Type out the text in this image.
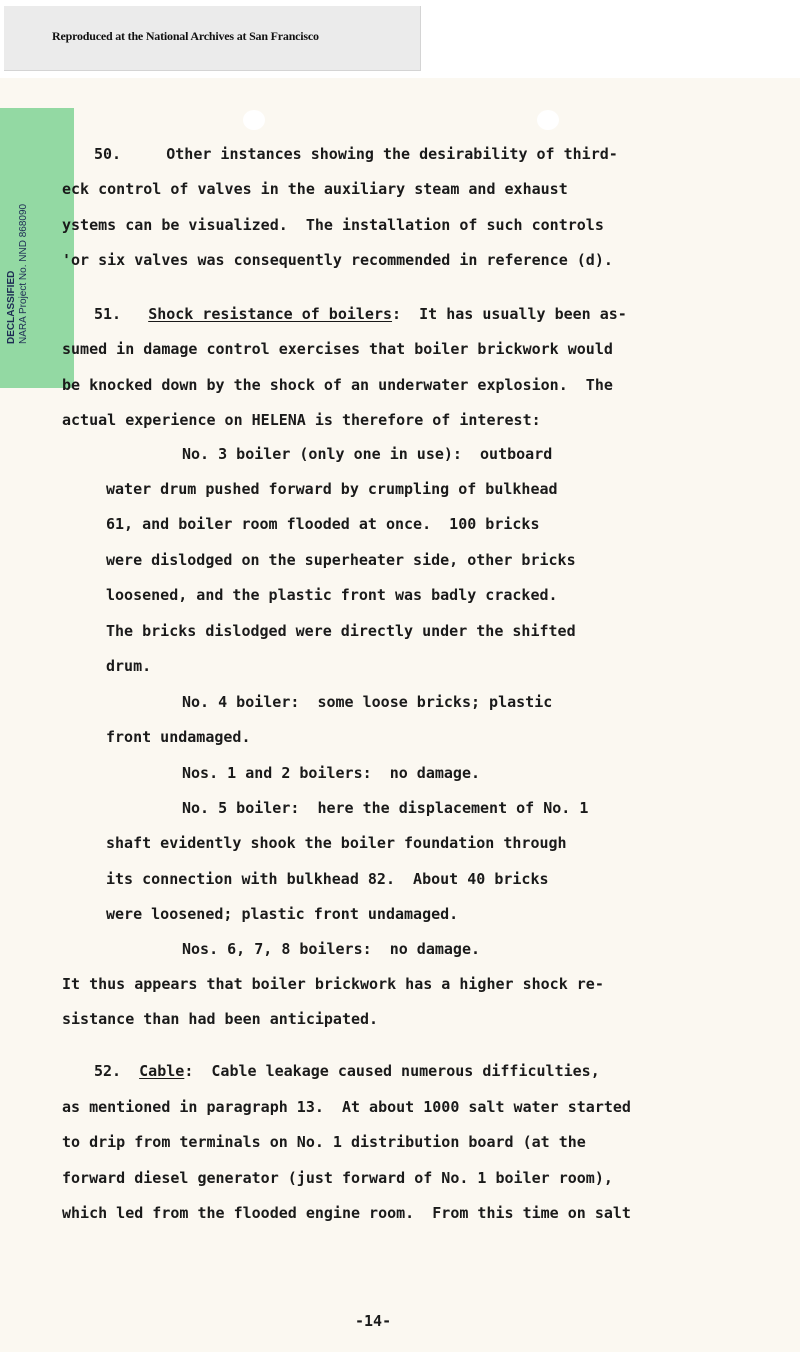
Reproduced at the National Archives at San Francisco
DECLASSIFIED NARA Project No. NND 868090
50.     Other instances showing the desirability of third-
eck control of valves in the auxiliary steam and exhaust
ystems can be visualized.  The installation of such controls
'or six valves was consequently recommended in reference (d).
51. Shock resistance of boilers:  It has usually been as-
sumed in damage control exercises that boiler brickwork would
be knocked down by the shock of an underwater explosion.  The
actual experience on HELENA is therefore of interest:
No. 3 boiler (only one in use):  outboard
water drum pushed forward by crumpling of bulkhead
61, and boiler room flooded at once.  100 bricks
were dislodged on the superheater side, other bricks
loosened, and the plastic front was badly cracked.
The bricks dislodged were directly under the shifted
drum.
No. 4 boiler:  some loose bricks; plastic
front undamaged.
Nos. 1 and 2 boilers:  no damage.
No. 5 boiler:  here the displacement of No. 1
shaft evidently shook the boiler foundation through
its connection with bulkhead 82.  About 40 bricks
were loosened; plastic front undamaged.
Nos. 6, 7, 8 boilers:  no damage.
It thus appears that boiler brickwork has a higher shock re-
sistance than had been anticipated.
52. Cable:  Cable leakage caused numerous difficulties,
as mentioned in paragraph 13.  At about 1000 salt water started
to drip from terminals on No. 1 distribution board (at the
forward diesel generator (just forward of No. 1 boiler room),
which led from the flooded engine room.  From this time on salt
-14-
